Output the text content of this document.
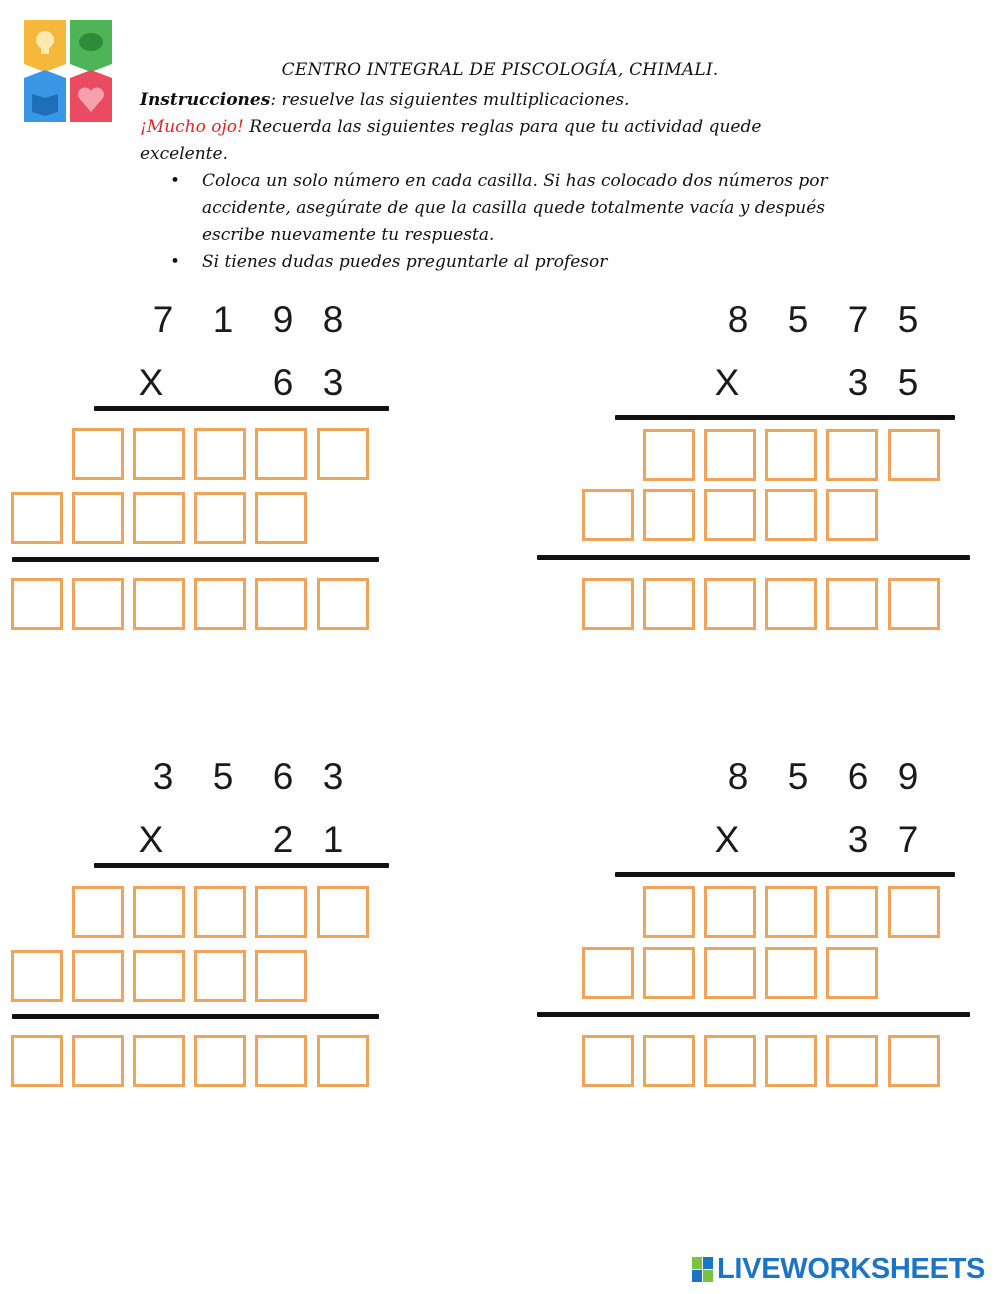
CENTRO INTEGRAL DE PISCOLOGÍA, CHIMALI.
Instrucciones: resuelve las siguientes multiplicaciones.
¡Mucho ojo! Recuerda las siguientes reglas para que tu actividad quede
excelente.
• Coloca un solo número en cada casilla. Si has colocado dos números por accidente, asegúrate de que la casilla quede totalmente vacía y después escribe nuevamente tu respuesta.
• Si tienes dudas puedes preguntarle al profesor
7 1 9 8
X	6 3
8 5 7 5
X	3 5
3 5 6 3
X	2 1
8 5 6 9
X	3 7
LIVEWORKSHEETS
